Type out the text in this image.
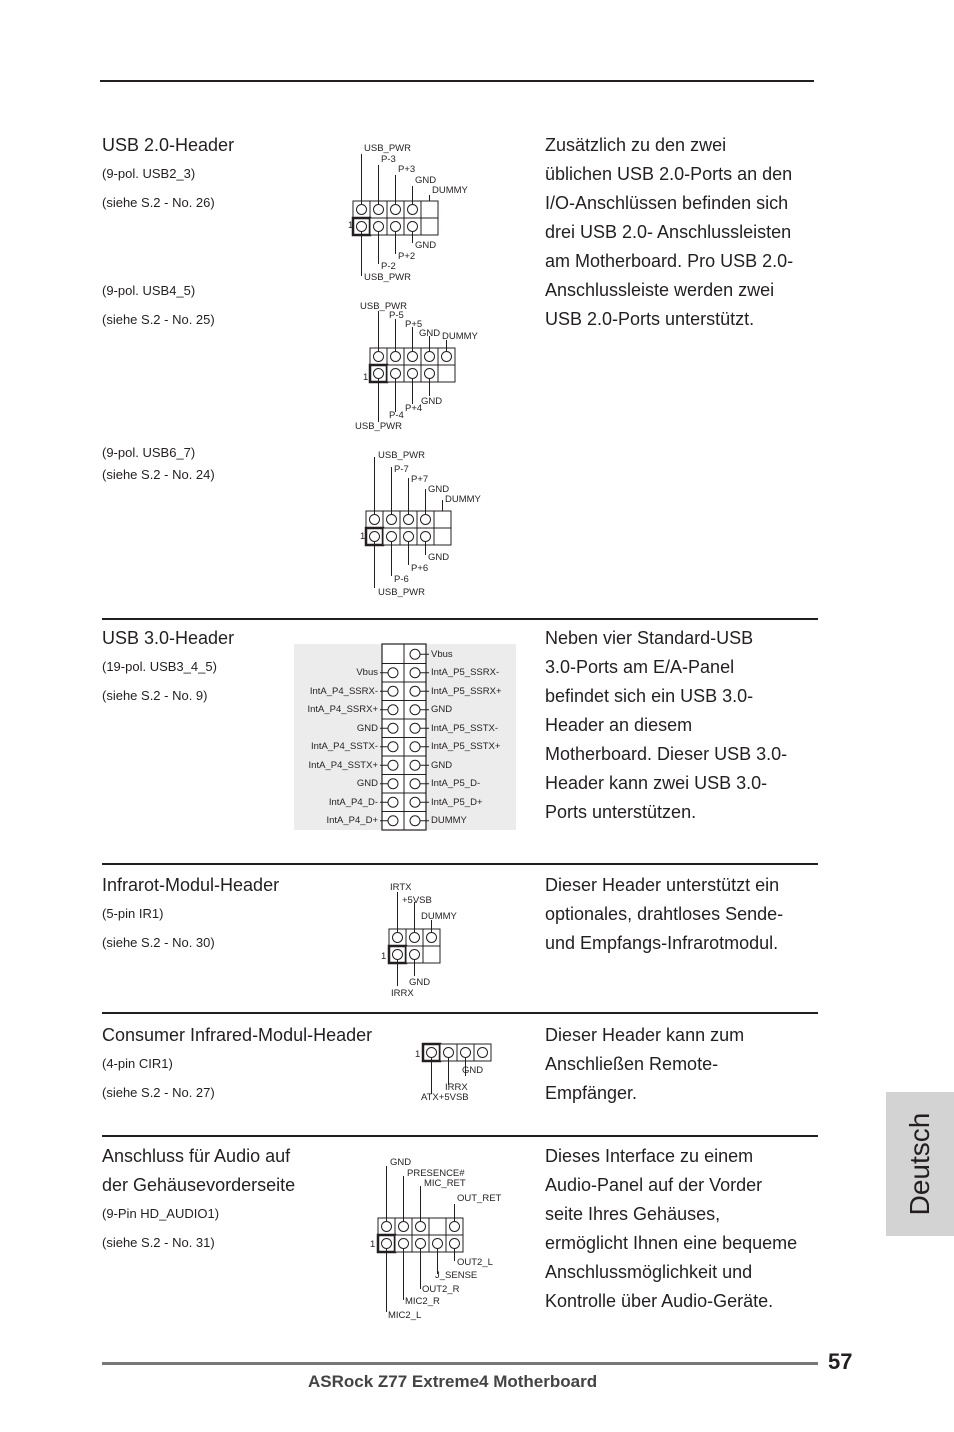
USB 2.0-Header
(9-pol. USB2_3)
(siehe S.2 - No. 26)
(9-pol. USB4_5)
(siehe S.2 - No. 25)
(9-pol. USB6_7)
(siehe S.2 - No. 24)
Zusätzlich zu den zwei
üblichen USB 2.0-Ports an den
I/O-Anschlüssen befinden sich
drei USB 2.0- Anschlussleisten
am Motherboard. Pro USB 2.0-
Anschlussleiste werden zwei
USB 2.0-Ports unterstützt.
1
USB_PWR
P-3
P+3
GND
DUMMY
GND
P+2
P-2
USB_PWR
1
USB_PWR
P-5
P+5
GND DUMMY
GND
P+4
P-4
USB_PWR
1
USB_PWR
P-7
P+7
GND
DUMMY
GND
P+6
P-6
USB_PWR
USB 3.0-Header
(19-pol. USB3_4_5)
(siehe S.2 - No. 9)
Neben vier Standard-USB
3.0-Ports am E/A-Panel
befindet sich ein USB 3.0-
Header an diesem
Motherboard. Dieser USB 3.0-
Header kann zwei USB 3.0-
Ports unterstützen.
Vbus
IntA_P4_SSRX-
IntA_P4_SSRX+
GND
IntA_P4_SSTX-
IntA_P4_SSTX+
GND
IntA_P4_D-
IntA_P4_D+
Vbus
IntA_P5_SSRX-
IntA_P5_SSRX+
GND
IntA_P5_SSTX-
IntA_P5_SSTX+
GND
IntA_P5_D-
IntA_P5_D+
DUMMY
Infrarot-Modul-Header
(5-pin IR1)
(siehe S.2 - No. 30)
Dieser Header unterstützt ein
optionales, drahtloses Sende-
und Empfangs-Infrarotmodul.
1
IRTX
+5VSB
DUMMY
GND
IRRX
Consumer Infrared-Modul-Header
(4-pin CIR1)
(siehe S.2 - No. 27)
Dieser Header kann zum
Anschließen Remote-
Empfänger.
1
GND
IRRX
ATX+5VSB
Anschluss für Audio auf
der Gehäusevorderseite
(9-Pin HD_AUDIO1)
(siehe S.2 - No. 31)
Dieses Interface zu einem
Audio-Panel auf der Vorder
seite Ihres Gehäuses,
ermöglicht Ihnen eine bequeme
Anschlussmöglichkeit und
Kontrolle über Audio-Geräte.
1
GND
PRESENCE#
MIC_RET
OUT_RET
OUT2_L
J_SENSE
OUT2_R
MIC2_R
MIC2_L
Deutsch
57
ASRock Z77 Extreme4 Motherboard
